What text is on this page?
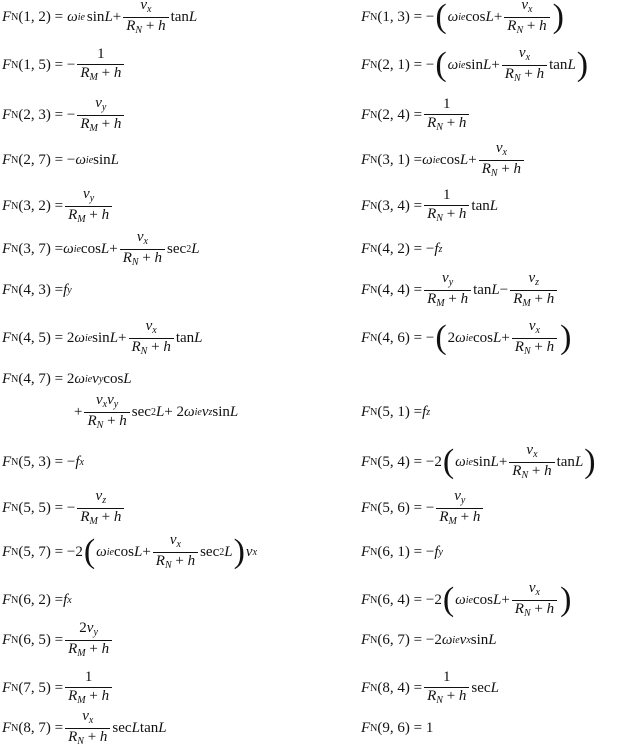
F N (1, 2) = ω ie $\sin L + \frac{v_x}{R_N + h}$ tan L	F N (1, 3) = − ( ω ie $\cos L + \frac{v_x}{R_N + h}$ )
F N (1, 5) = − $\frac{1}{R_M + h}$	F N (2, 1) = − ( ω ie $\sin L + \frac{v_x}{R_N + h}$ tan L )
F N (2, 3) = − $\frac{v_y}{R_M + h}$	F N (2, $4) = \frac{1}{R_N + h}$
F N (2, 7) = − ω ie sin L	F N (3, 1) = ω ie $\cos L + \frac{v_x}{R_N + h}$
F N (3, $2) = \frac{v_y}{R_M + h}$	F N (3, $4) = \frac{1}{R_N + h}$ tan L
F N (3, 7) = ω ie $\cos L + \frac{v_x}{R_N + h}$ sec 2 L	F N (4, 2) = − f z
F N (4, 3) = f y	F N (4, $4) = \frac{v_y}{R_M + h}$ $\tan L - \frac{v_z}{R_M + h}$
F N (4, 5) = 2 ω ie $\sin L + \frac{v_x}{R_N + h}$ tan L	F N (4, 6) = − ( 2 ω ie $\cos L + \frac{v_x}{R_N + h}$ )
F N (4, 7) = 2 ω ie v y cos L
+ $\frac{v_xv_y}{R_N + h}$ sec 2 L + 2 ω ie v z sin L	F N (5, 1) = f z
F N (5, 3) = − f x	F N (5, 4) = −2 ( ω ie $\sin L + \frac{v_x}{R_N + h}$ tan L )
F N (5, 5) = − $\frac{v_z}{R_M + h}$	F N (5, 6) = − $\frac{v_y}{R_M + h}$
F N (5, 7) = −2 ( ω ie $\cos L + \frac{v_x}{R_N + h}$ sec 2 L ) v x	F N (6, 1) = − f y
F N (6, 2) = f x	F N (6, 4) = −2 ( ω ie $\cos L + \frac{v_x}{R_N + h}$ )
F N (6, $5) = \frac{2v_y}{R_M + h}$	F N (6, 7) = −2 ω ie v x sin L
F N (7, $5) = \frac{1}{R_M + h}$	F N (8, $4) = \frac{1}{R_N + h}$ sec L
F N (8, $7) = \frac{v_x}{R_N + h}$ sec L tan L	F N (9, 6) = 1
